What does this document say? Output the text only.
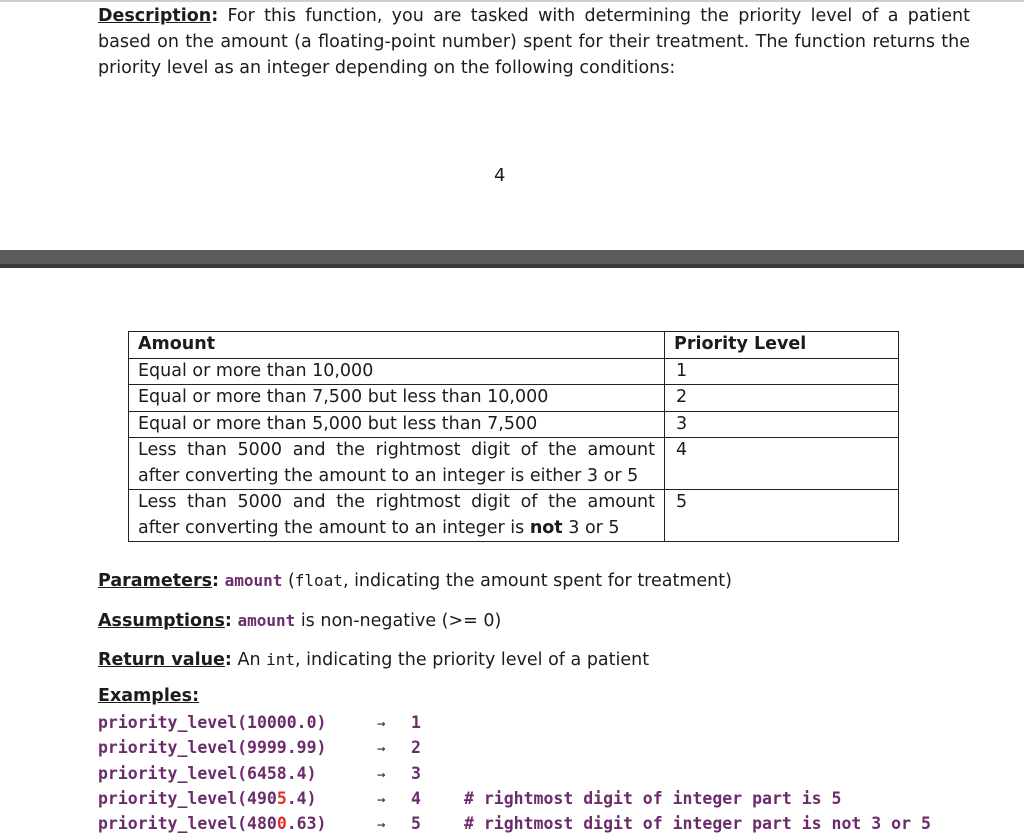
Description: For this function, you are tasked with determining the priority level of a patient based on the amount (a floating-point number) spent for their treatment. The function returns the priority level as an integer depending on the following conditions:

4
Amount	Priority Level
Equal or more than 10,000	1
Equal or more than 7,500 but less than 10,000	2
Equal or more than 5,000 but less than 7,500	3
Less than 5000 and the rightmost digit of the amount after converting the amount to an integer is either 3 or 5	4
Less than 5000 and the rightmost digit of the amount after converting the amount to an integer is not 3 or 5	5

Parameters: amount (float, indicating the amount spent for treatment)

Assumptions: amount is non-negative (>= 0)

Return value: An int, indicating the priority level of a patient

Examples:
priority_level(10000.0)	→ 1
priority_level(9999.99)	→ 2
priority_level(6458.4)	→ 3
priority_level(4905.4)	→ 4	# rightmost digit of integer part is 5
priority_level(4800.63)	→ 5	# rightmost digit of integer part is not 3 or 5
